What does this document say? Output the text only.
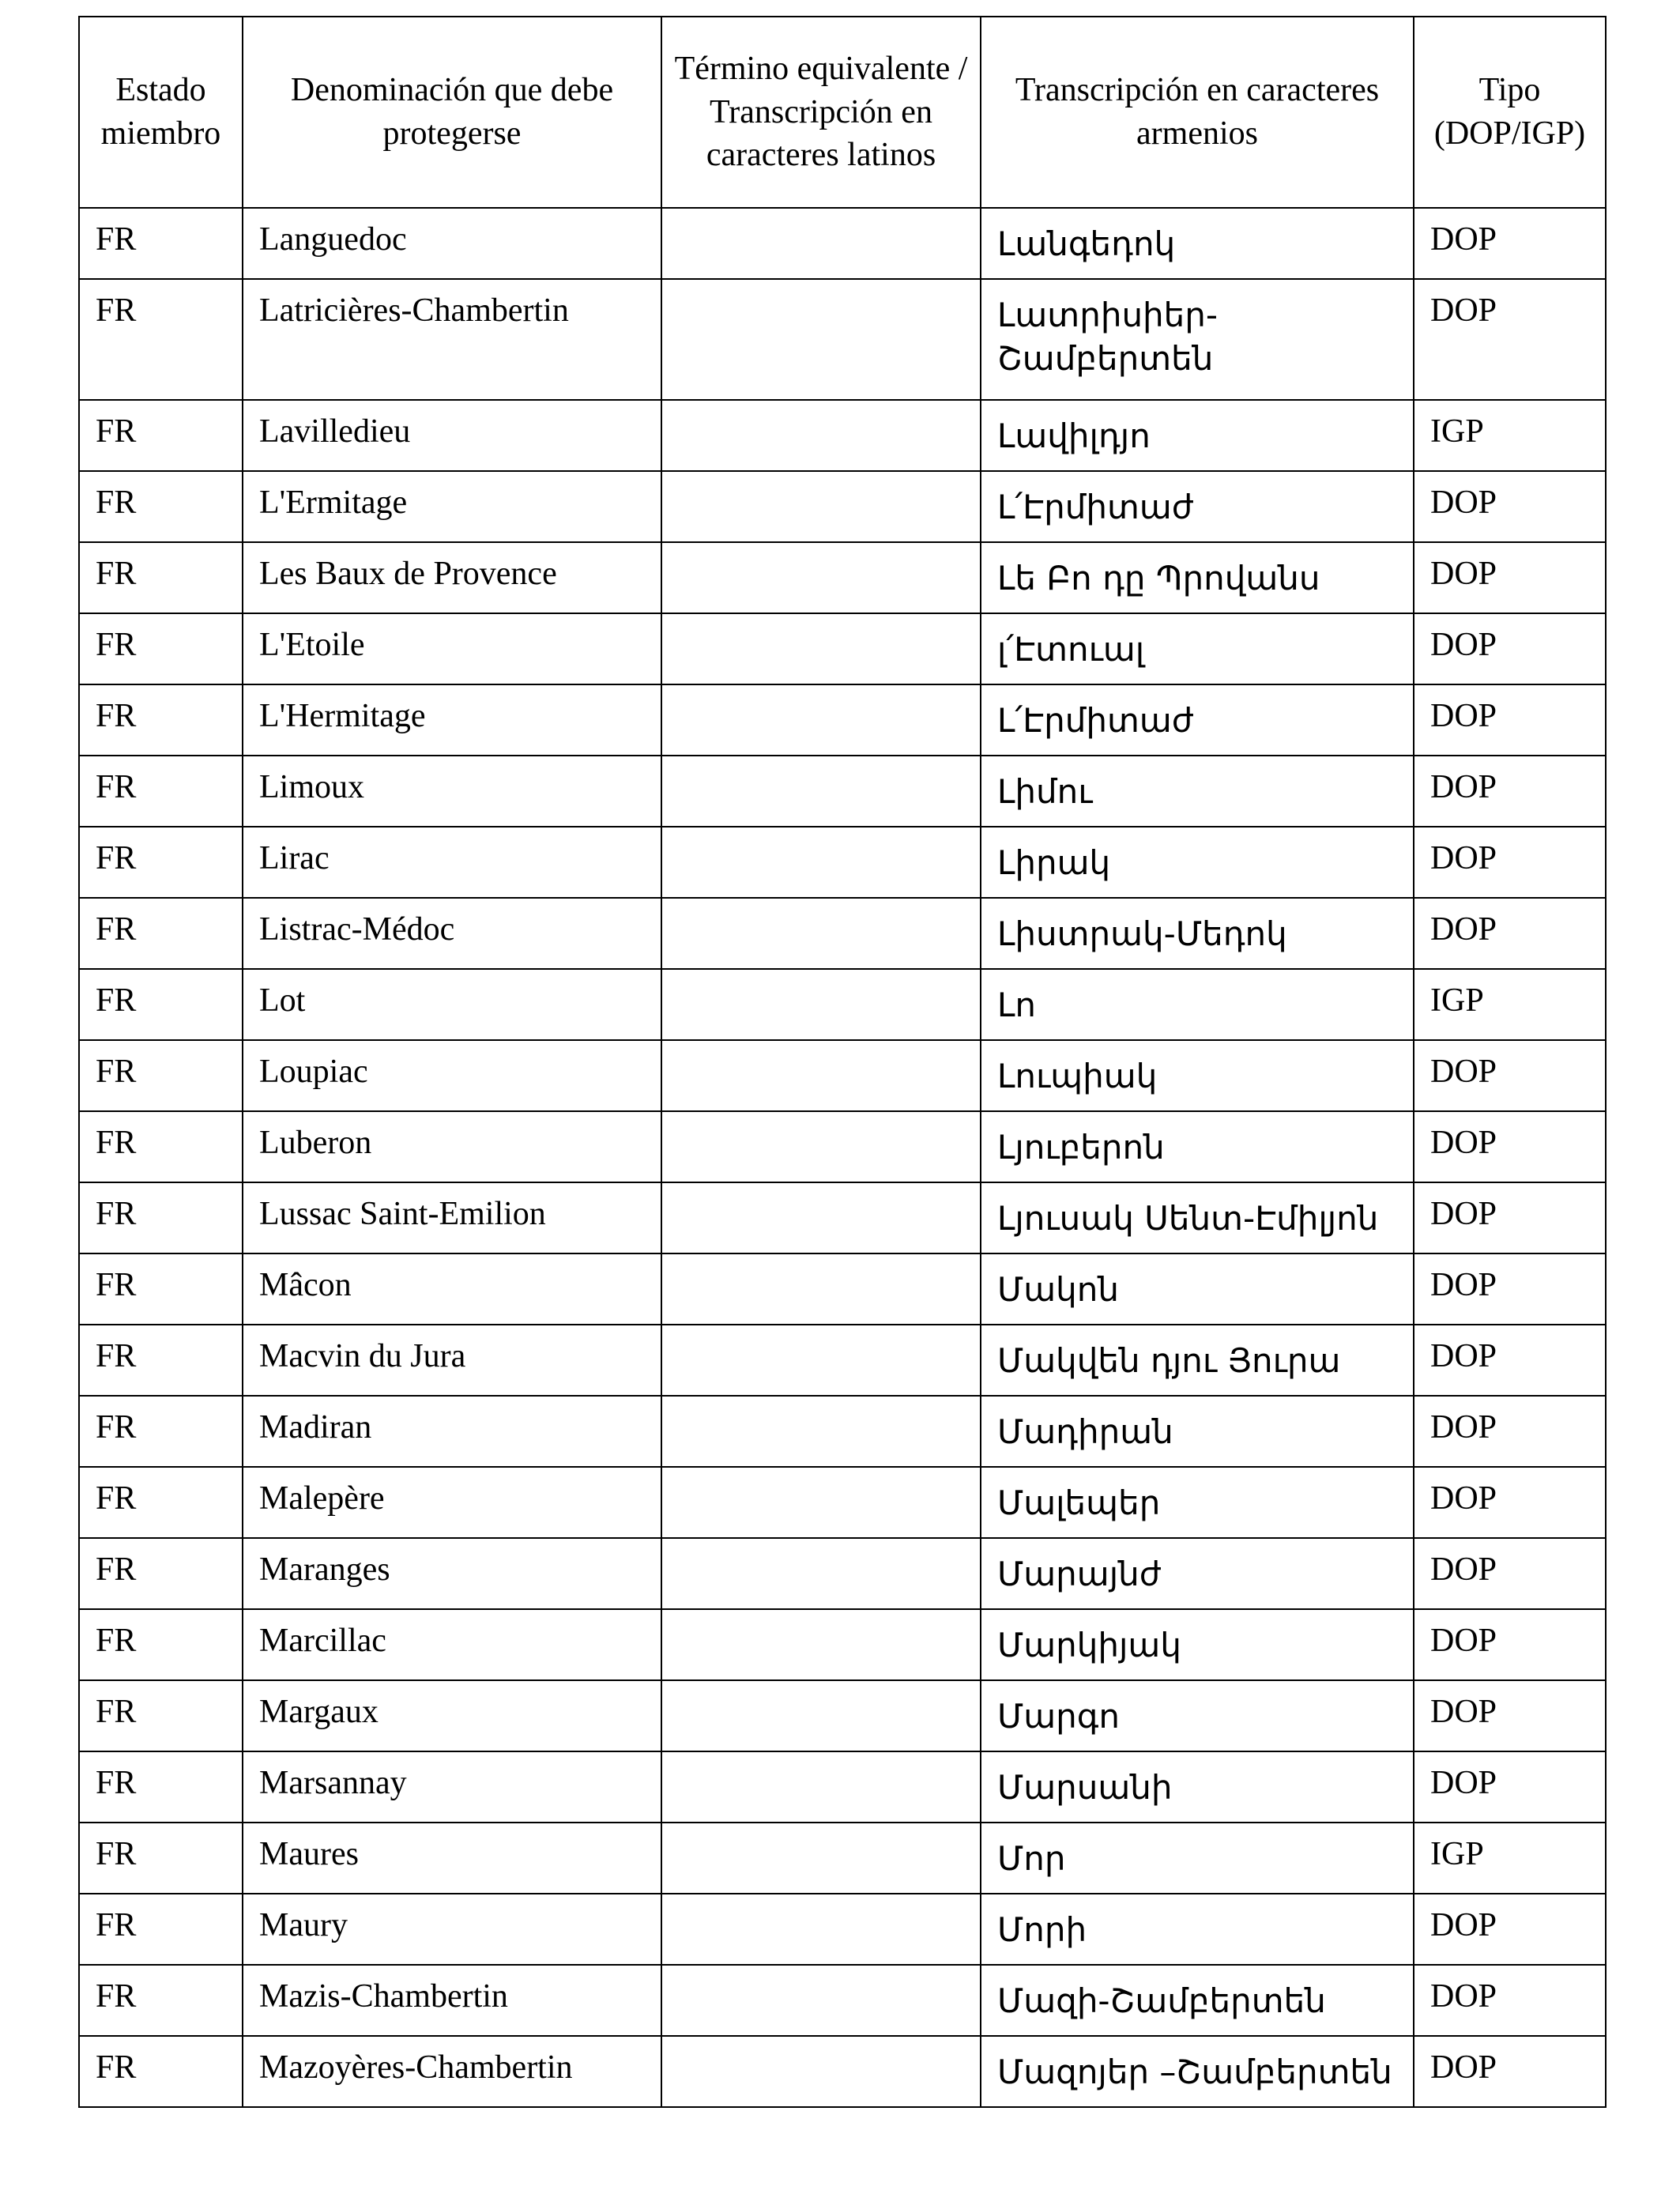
Estado miembro	Denominación que debe protegerse	Término equivalente / Transcripción en caracteres latinos	Transcripción en caracteres armenios	Tipo (DOP/IGP)
FR	Languedoc		Լանգեդոկ	DOP
FR	Latricières-Chambertin		Լատրիսիեր- Շամբերտեն	DOP
FR	Lavilledieu		Լավիլդյո	IGP
FR	L'Ermitage		Լ՛Էրմիտաժ	DOP
FR	Les Baux de Provence		Լե Բո դը Պրովանս	DOP
FR	L'Etoile		լ՛Էտուալ	DOP
FR	L'Hermitage		Լ՛Էրմիտաժ	DOP
FR	Limoux		Լիմու	DOP
FR	Lirac		Լիրակ	DOP
FR	Listrac-Médoc		Լիստրակ-Մեդոկ	DOP
FR	Lot		Լո	IGP
FR	Loupiac		Լուպիակ	DOP
FR	Luberon		Լյուբերոն	DOP
FR	Lussac Saint-Emilion		Լյուսակ Սենտ-Էմիլյոն	DOP
FR	Mâcon		Մակոն	DOP
FR	Macvin du Jura		Մակվեն դյու Յուրա	DOP
FR	Madiran		Մադիրան	DOP
FR	Malepère		Մալեպեր	DOP
FR	Maranges		Մարայնժ	DOP
FR	Marcillac		Մարկիյակ	DOP
FR	Margaux		Մարգո	DOP
FR	Marsannay		Մարսանի	DOP
FR	Maures		Մոր	IGP
FR	Maury		Մորի	DOP
FR	Mazis-Chambertin		Մազի-Շամբերտեն	DOP
FR	Mazoyères-Chambertin		Մազոյեր –Շամբերտեն	DOP
